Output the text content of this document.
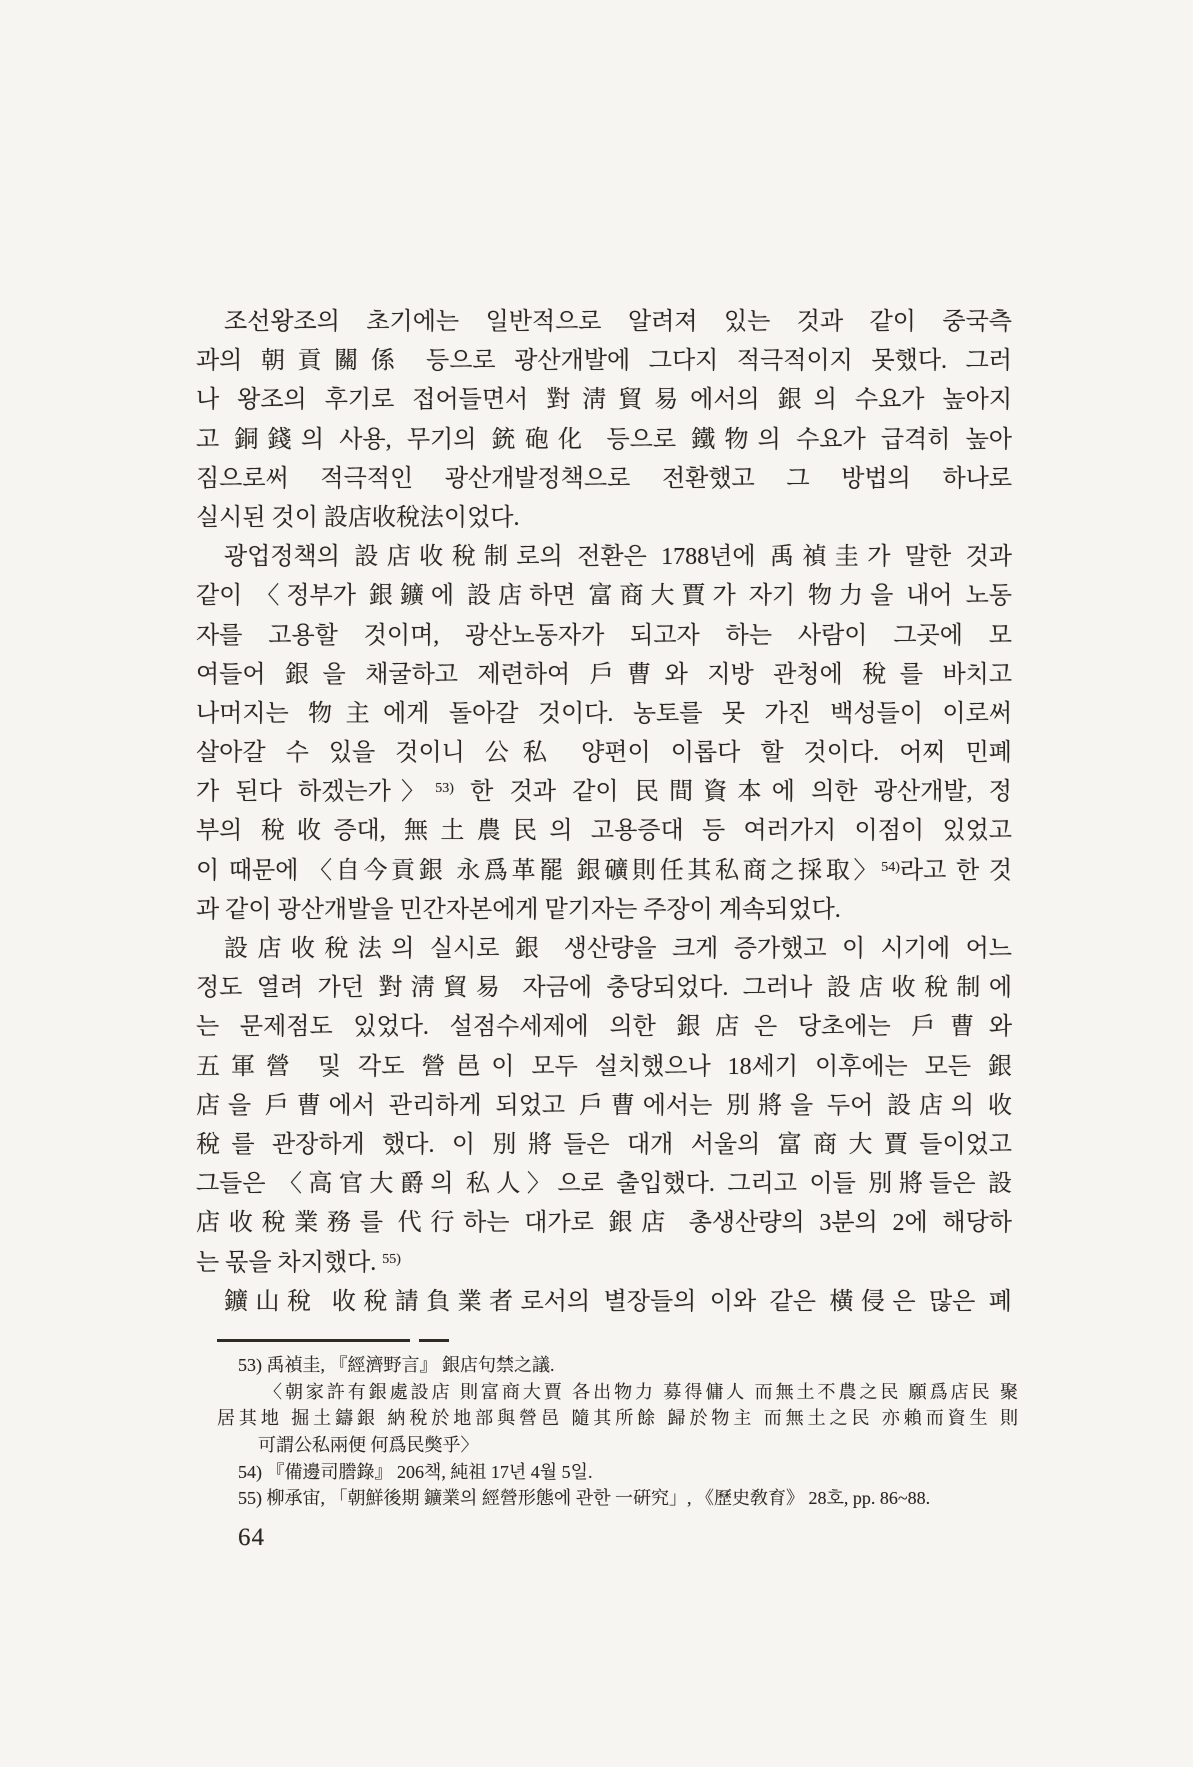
조선왕조의 초기에는 일반적으로 알려져 있는 것과 같이 중국측
과의 朝貢關係 등으로 광산개발에 그다지 적극적이지 못했다. 그러
나 왕조의 후기로 접어들면서 對淸貿易에서의 銀의 수요가 높아지
고 銅錢의 사용, 무기의 銃砲化 등으로 鐵物의 수요가 급격히 높아
짐으로써 적극적인 광산개발정책으로 전환했고 그 방법의 하나로
실시된 것이 設店收稅法이었다.
광업정책의 設店收稅制로의 전환은 1788년에 禹禎圭가 말한 것과
같이 〈정부가 銀鑛에 設店하면 富商大賈가 자기 物力을 내어 노동
자를 고용할 것이며, 광산노동자가 되고자 하는 사람이 그곳에 모
여들어 銀을 채굴하고 제련하여 戶曹와 지방 관청에 稅를 바치고
나머지는 物主에게 돌아갈 것이다. 농토를 못 가진 백성들이 이로써
살아갈 수 있을 것이니 公私 양편이 이롭다 할 것이다. 어찌 민폐
가 된다 하겠는가〉$^{53)}$ 한 것과 같이 民間資本에 의한 광산개발, 정
부의 稅收증대, 無土農民의 고용증대 등 여러가지 이점이 있었고
이 때문에 〈自今貢銀 永爲革罷 銀礦則任其私商之採取〉$^{54)}$라고 한 것
과 같이 광산개발을 민간자본에게 맡기자는 주장이 계속되었다.
設店收稅法의 실시로 銀 생산량을 크게 증가했고 이 시기에 어느
정도 열려 가던 對淸貿易 자금에 충당되었다. 그러나 設店收稅制에
는 문제점도 있었다. 설점수세제에 의한 銀店은 당초에는 戶曹와
五軍營 및 각도 營邑이 모두 설치했으나 18세기 이후에는 모든 銀
店을 戶曹에서 관리하게 되었고 戶曹에서는 別將을 두어 設店의 收
稅를 관장하게 했다. 이 別將들은 대개 서울의 富商大賈들이었고
그들은 〈高官大爵의 私人〉으로 출입했다. 그리고 이들 別將들은 設
店收稅業務를 代行하는 대가로 銀店 총생산량의 3분의 2에 해당하
는 몫을 차지했다. $^{55)}$
鑛山稅 收稅請負業者로서의 별장들의 이와 같은 橫侵은 많은 폐
53) 禹禎圭, 『經濟野言』 銀店句禁之議.
〈朝家許有銀處設店 則富商大賈 各出物力 募得傭人 而無土不農之民 願爲店民 聚
居其地 掘土鑄銀 納稅於地部與營邑 隨其所餘 歸於物主 而無土之民 亦賴而資生 則
可謂公私兩便 何爲民獘乎〉
54) 『備邊司謄錄』 206책, 純祖 17년 4월 5일.
55) 柳承宙, 「朝鮮後期 鑛業의 經營形態에 관한 一硏究」, 《歷史敎育》 28호, pp. 86~88.
64
